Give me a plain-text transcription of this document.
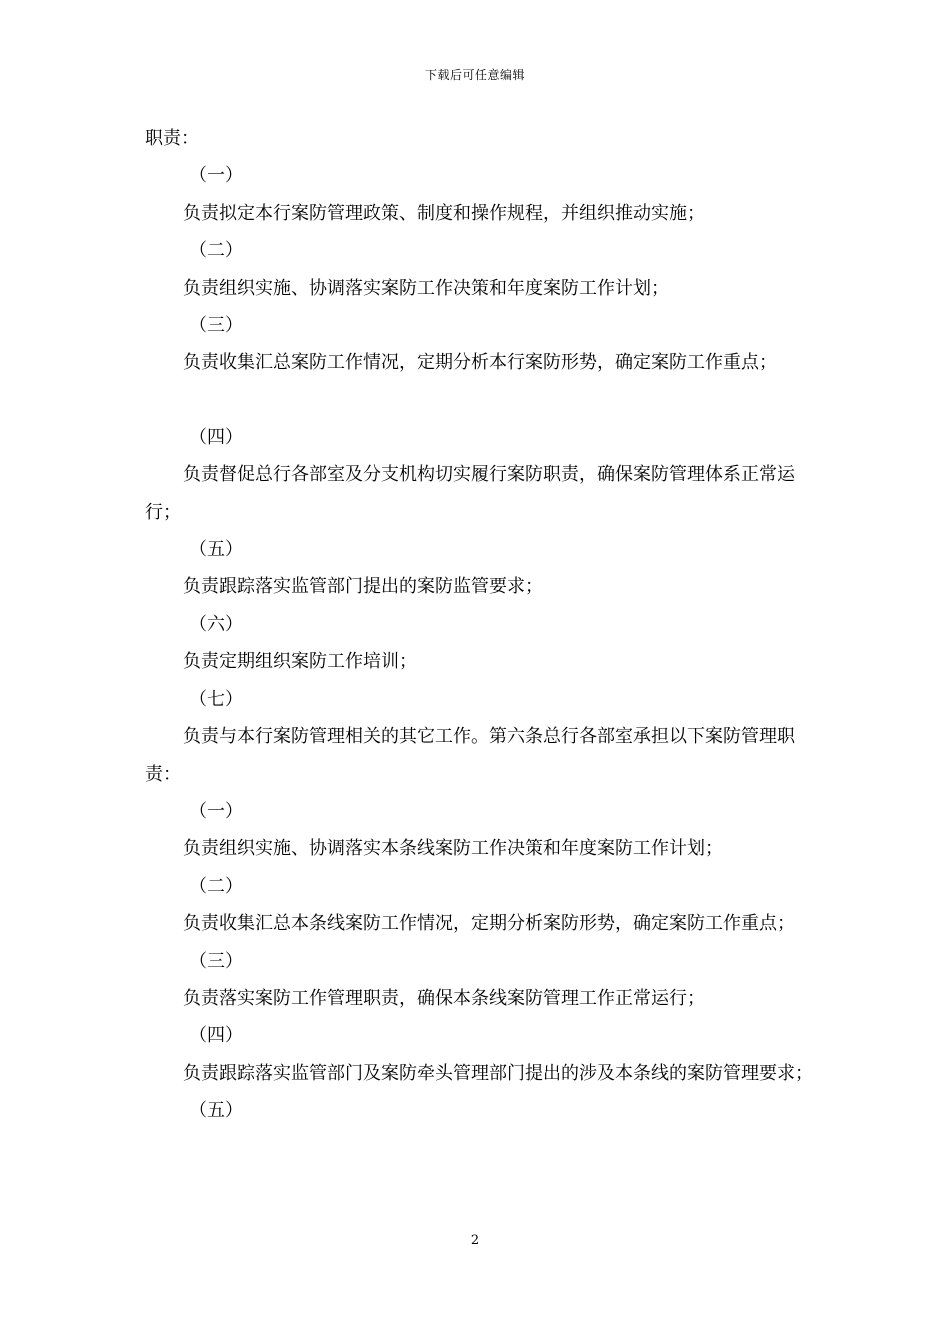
下载后可任意编辑

职责：

（一）

负责拟定本行案防管理政策、制度和操作规程，并组织推动实施；

（二）

负责组织实施、协调落实案防工作决策和年度案防工作计划；

（三）

负责收集汇总案防工作情况，定期分析本行案防形势，确定案防工作重点；

（四）

负责督促总行各部室及分支机构切实履行案防职责，确保案防管理体系正常运行；

（五）

负责跟踪落实监管部门提出的案防监管要求；

（六）

负责定期组织案防工作培训；

（七）

负责与本行案防管理相关的其它工作。第六条总行各部室承担以下案防管理职责：

（一）

负责组织实施、协调落实本条线案防工作决策和年度案防工作计划；

（二）

负责收集汇总本条线案防工作情况，定期分析案防形势，确定案防工作重点；

（三）

负责落实案防工作管理职责，确保本条线案防管理工作正常运行；

（四）

负责跟踪落实监管部门及案防牵头管理部门提出的涉及本条线的案防管理要求；

（五）

2
